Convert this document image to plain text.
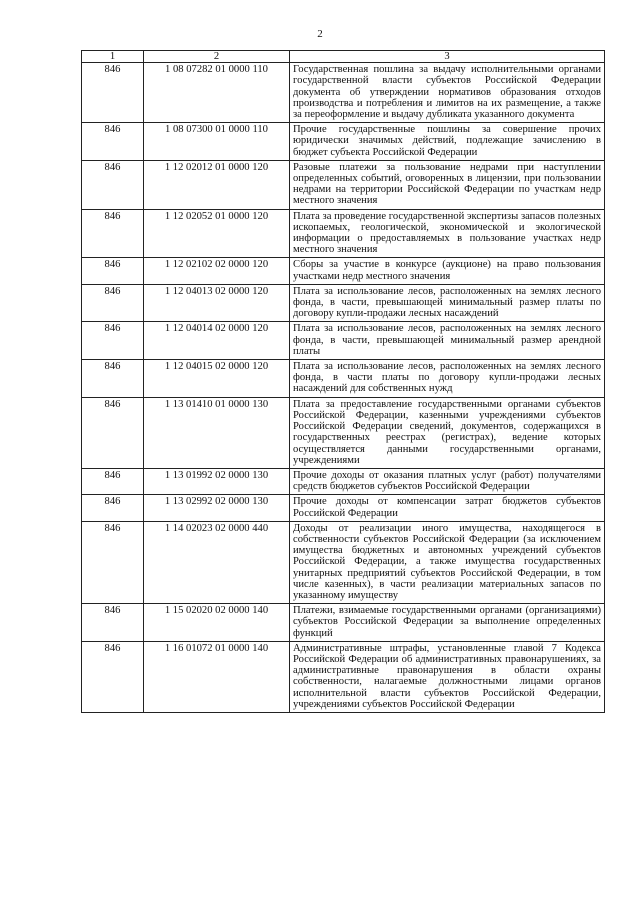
2
1	2	3
846	1 08 07282 01 0000 110	Государственная пошлина за выдачу исполнительными органами государственной власти субъектов Российской Федерации документа об утверждении нормативов образования отходов производства и потребления и лимитов на их размещение, а также за переоформление и выдачу дубликата указанного документа
846	1 08 07300 01 0000 110	Прочие государственные пошлины за совершение прочих юридически значимых действий, подлежащие зачислению в бюджет субъекта Российской Федерации
846	1 12 02012 01 0000 120	Разовые платежи за пользование недрами при наступлении определенных событий, оговоренных в лицензии, при пользовании недрами на территории Российской Федерации по участкам недр местного значения
846	1 12 02052 01 0000 120	Плата за проведение государственной экспертизы запасов полезных ископаемых, геологической, экономической и экологической информации о предоставляемых в пользование участках недр местного значения
846	1 12 02102 02 0000 120	Сборы за участие в конкурсе (аукционе) на право пользования участками недр местного значения
846	1 12 04013 02 0000 120	Плата за использование лесов, расположенных на землях лесного фонда, в части, превышающей минимальный размер платы по договору купли-продажи лесных насаждений
846	1 12 04014 02 0000 120	Плата за использование лесов, расположенных на землях лесного фонда, в части, превышающей минимальный размер арендной платы
846	1 12 04015 02 0000 120	Плата за использование лесов, расположенных на землях лесного фонда, в части платы по договору купли-продажи лесных насаждений для собственных нужд
846	1 13 01410 01 0000 130	Плата за предоставление государственными органами субъектов Российской Федерации, казенными учреждениями субъектов Российской Федерации сведений, документов, содержащихся в государственных реестрах (регистрах), ведение которых осуществляется данными государственными органами, учреждениями
846	1 13 01992 02 0000 130	Прочие доходы от оказания платных услуг (работ) получателями средств бюджетов субъектов Российской Федерации
846	1 13 02992 02 0000 130	Прочие доходы от компенсации затрат бюджетов субъектов Российской Федерации
846	1 14 02023 02 0000 440	Доходы от реализации иного имущества, находящегося в собственности субъектов Российской Федерации (за исключением имущества бюджетных и автономных учреждений субъектов Российской Федерации, а также имущества государственных унитарных предприятий субъектов Российской Федерации, в том числе казенных), в части реализации материальных запасов по указанному имуществу
846	1 15 02020 02 0000 140	Платежи, взимаемые государственными органами (организациями) субъектов Российской Федерации за выполнение определенных функций
846	1 16 01072 01 0000 140	Административные штрафы, установленные главой 7 Кодекса Российской Федерации об административных правонарушениях, за административные правонарушения в области охраны собственности, налагаемые должностными лицами органов исполнительной власти субъектов Российской Федерации, учреждениями субъектов Российской Федерации
